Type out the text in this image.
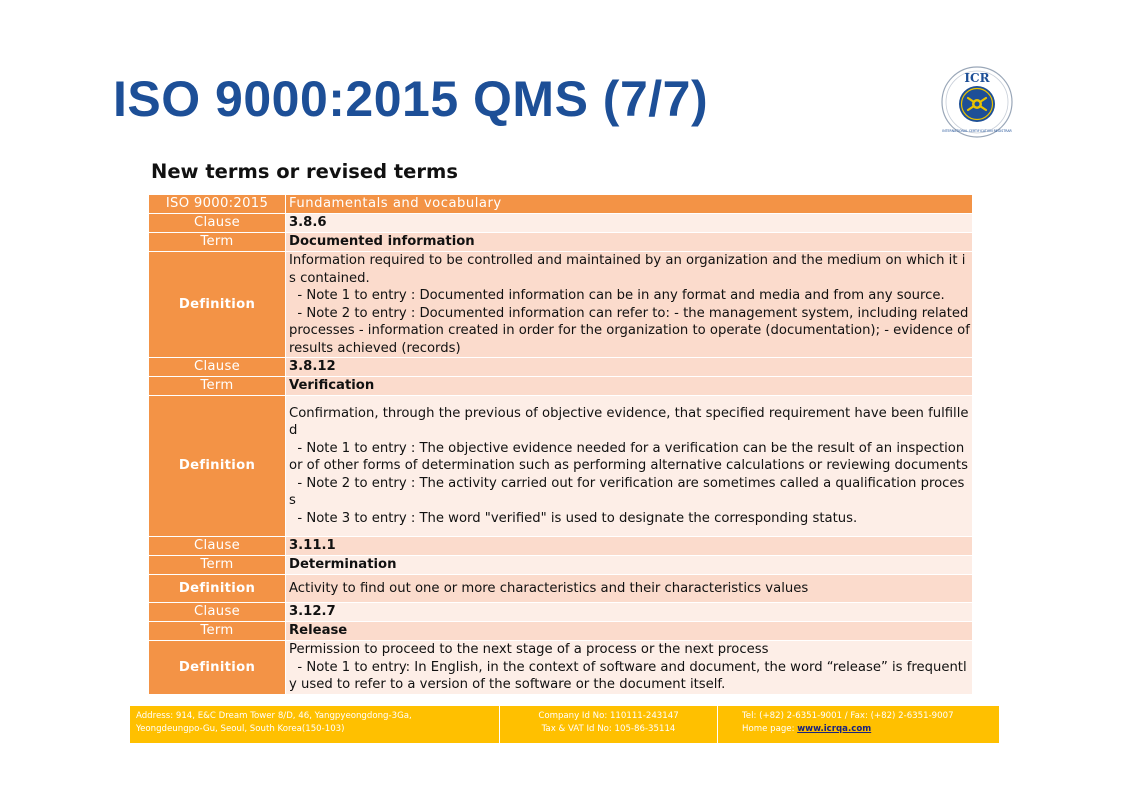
ISO 9000:2015 QMS (7/7)	ICR
INTERNATIONAL CERTIFICATION REGISTRAR
New terms or revised terms
ISO 9000:2015	Fundamentals and vocabulary
Clause	3.8.6
Term	Documented information
Definition	Information required to be controlled and maintained by an organization and the medium on which it is contained.

- Note 1 to entry : Documented information can be in any format and media and from any source.

- Note 2 to entry : Documented information can refer to: - the management system, including related processes - information created in order for the organization to operate (documentation); - evidence of results achieved (records)

Clause	3.8.12
Term	Verification
Definition	Confirmation, through the previous of objective evidence, that specified requirement have been fulfilled

- Note 1 to entry : The objective evidence needed for a verification can be the result of an inspection or of other forms of determination such as performing alternative calculations or reviewing documents

- Note 2 to entry : The activity carried out for verification are sometimes called a qualification process

- Note 3 to entry : The word "verified" is used to designate the corresponding status.

Clause	3.11.1
Term	Determination
Definition	Activity to find out one or more characteristics and their characteristics values

Clause	3.12.7
Term	Release
Definition	Permission to proceed to the next stage of a process or the next process

- Note 1 to entry: In English, in the context of software and document, the word “release” is frequently used to refer to a version of the software or the document itself.

Address: 914, E&C Dream Tower 8/D, 46, Yangpyeongdong-3Ga,
Yeongdeungpo-Gu, Seoul, South Korea(150-103)
Company Id No: 110111-243147
Tax & VAT Id No: 105-86-35114
Tel: (+82) 2-6351-9001 / Fax: (+82) 2-6351-9007
Home page: www.icrqa.com
